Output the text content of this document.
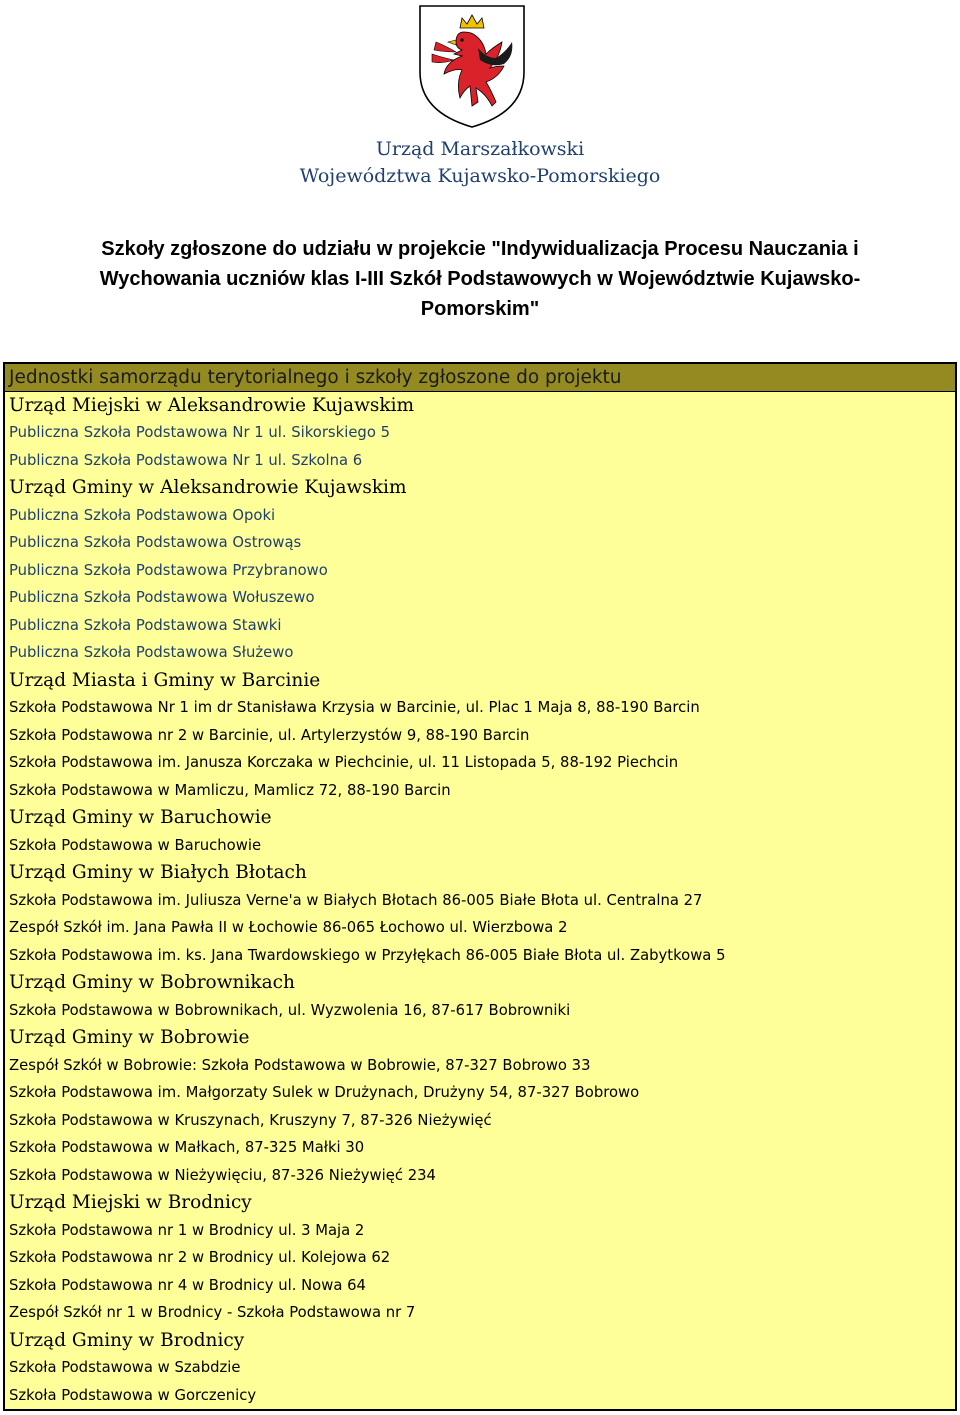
Urząd Marszałkowski
Województwa Kujawsko-Pomorskiego
Szkoły zgłoszone do udziału w projekcie "Indywidualizacja Procesu Nauczania i
Wychowania uczniów klas I-III Szkół Podstawowych w Województwie Kujawsko-
Pomorskim"
Jednostki samorządu terytorialnego i szkoły zgłoszone do projektu
Urząd Miejski w Aleksandrowie Kujawskim
Publiczna Szkoła Podstawowa Nr 1 ul. Sikorskiego 5
Publiczna Szkoła Podstawowa Nr 1 ul. Szkolna 6
Urząd Gminy w Aleksandrowie Kujawskim
Publiczna Szkoła Podstawowa Opoki
Publiczna Szkoła Podstawowa Ostrowąs
Publiczna Szkoła Podstawowa Przybranowo
Publiczna Szkoła Podstawowa Wołuszewo
Publiczna Szkoła Podstawowa Stawki
Publiczna Szkoła Podstawowa Służewo
Urząd Miasta i Gminy w Barcinie
Szkoła Podstawowa Nr 1 im dr Stanisława Krzysia w Barcinie, ul. Plac 1 Maja 8, 88-190 Barcin
Szkoła Podstawowa nr 2 w Barcinie, ul. Artylerzystów 9, 88-190 Barcin
Szkoła Podstawowa im. Janusza Korczaka w Piechcinie, ul. 11 Listopada 5, 88-192 Piechcin
Szkoła Podstawowa w Mamliczu, Mamlicz 72, 88-190 Barcin
Urząd Gminy w Baruchowie
Szkoła Podstawowa w Baruchowie
Urząd Gminy w Białych Błotach
Szkoła Podstawowa im. Juliusza Verne'a w Białych Błotach 86-005 Białe Błota ul. Centralna 27
Zespół Szkół im. Jana Pawła II w Łochowie 86-065 Łochowo ul. Wierzbowa 2
Szkoła Podstawowa im. ks. Jana Twardowskiego w Przyłękach 86-005 Białe Błota ul. Zabytkowa 5
Urząd Gminy w Bobrownikach
Szkoła Podstawowa w Bobrownikach, ul. Wyzwolenia 16, 87-617 Bobrowniki
Urząd Gminy w Bobrowie
Zespół Szkół w Bobrowie: Szkoła Podstawowa w Bobrowie, 87-327 Bobrowo 33
Szkoła Podstawowa im. Małgorzaty Sulek w Drużynach, Drużyny 54, 87-327 Bobrowo
Szkoła Podstawowa w Kruszynach, Kruszyny 7, 87-326 Nieżywięć
Szkoła Podstawowa w Małkach, 87-325 Małki 30
Szkoła Podstawowa w Nieżywięciu, 87-326 Nieżywięć 234
Urząd Miejski w Brodnicy
Szkoła Podstawowa nr 1 w Brodnicy ul. 3 Maja 2
Szkoła Podstawowa nr 2 w Brodnicy ul. Kolejowa 62
Szkoła Podstawowa nr 4 w Brodnicy ul. Nowa 64
Zespół Szkół nr 1 w Brodnicy - Szkoła Podstawowa nr 7
Urząd Gminy w Brodnicy
Szkoła Podstawowa w Szabdzie
Szkoła Podstawowa w Gorczenicy
